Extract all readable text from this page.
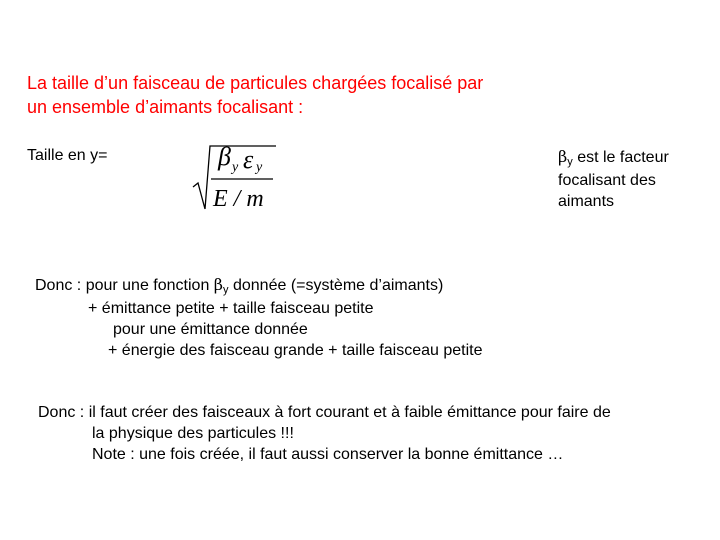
La taille d’un faisceau de particules chargées focalisé par
un ensemble d’aimants focalisant :
Taille en y=	β y ε y
E / m
βy est le facteur
focalisant des
aimants
Donc : pour une fonction βy donnée (=système d’aimants)
+ émittance petite + taille faisceau petite
pour une émittance donnée
+ énergie des faisceau grande + taille faisceau petite
Donc : il faut créer des faisceaux à fort courant et à faible émittance pour faire de
la physique des particules !!!
Note : une fois créée, il faut aussi conserver la bonne émittance …
